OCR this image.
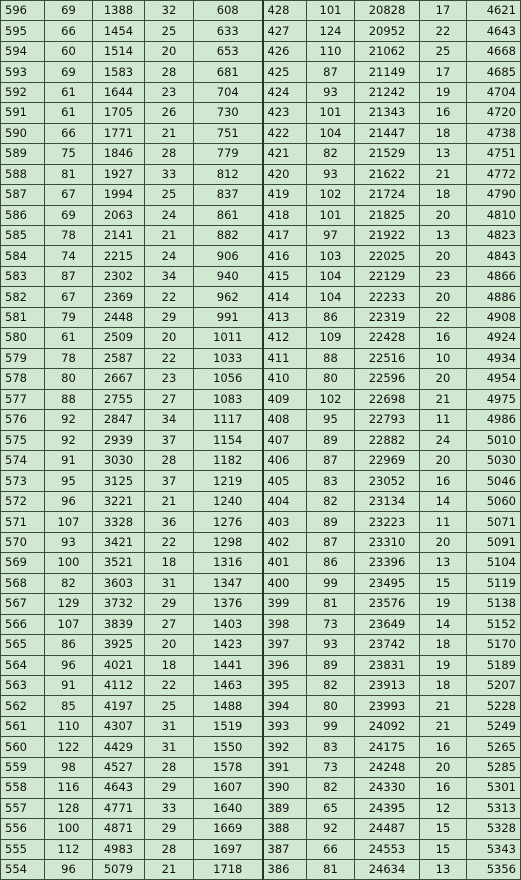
596	69	1388	32	608	428	101	20828	17	4621
595	66	1454	25	633	427	124	20952	22	4643
594	60	1514	20	653	426	110	21062	25	4668
593	69	1583	28	681	425	87	21149	17	4685
592	61	1644	23	704	424	93	21242	19	4704
591	61	1705	26	730	423	101	21343	16	4720
590	66	1771	21	751	422	104	21447	18	4738
589	75	1846	28	779	421	82	21529	13	4751
588	81	1927	33	812	420	93	21622	21	4772
587	67	1994	25	837	419	102	21724	18	4790
586	69	2063	24	861	418	101	21825	20	4810
585	78	2141	21	882	417	97	21922	13	4823
584	74	2215	24	906	416	103	22025	20	4843
583	87	2302	34	940	415	104	22129	23	4866
582	67	2369	22	962	414	104	22233	20	4886
581	79	2448	29	991	413	86	22319	22	4908
580	61	2509	20	1011	412	109	22428	16	4924
579	78	2587	22	1033	411	88	22516	10	4934
578	80	2667	23	1056	410	80	22596	20	4954
577	88	2755	27	1083	409	102	22698	21	4975
576	92	2847	34	1117	408	95	22793	11	4986
575	92	2939	37	1154	407	89	22882	24	5010
574	91	3030	28	1182	406	87	22969	20	5030
573	95	3125	37	1219	405	83	23052	16	5046
572	96	3221	21	1240	404	82	23134	14	5060
571	107	3328	36	1276	403	89	23223	11	5071
570	93	3421	22	1298	402	87	23310	20	5091
569	100	3521	18	1316	401	86	23396	13	5104
568	82	3603	31	1347	400	99	23495	15	5119
567	129	3732	29	1376	399	81	23576	19	5138
566	107	3839	27	1403	398	73	23649	14	5152
565	86	3925	20	1423	397	93	23742	18	5170
564	96	4021	18	1441	396	89	23831	19	5189
563	91	4112	22	1463	395	82	23913	18	5207
562	85	4197	25	1488	394	80	23993	21	5228
561	110	4307	31	1519	393	99	24092	21	5249
560	122	4429	31	1550	392	83	24175	16	5265
559	98	4527	28	1578	391	73	24248	20	5285
558	116	4643	29	1607	390	82	24330	16	5301
557	128	4771	33	1640	389	65	24395	12	5313
556	100	4871	29	1669	388	92	24487	15	5328
555	112	4983	28	1697	387	66	24553	15	5343
554	96	5079	21	1718	386	81	24634	13	5356
